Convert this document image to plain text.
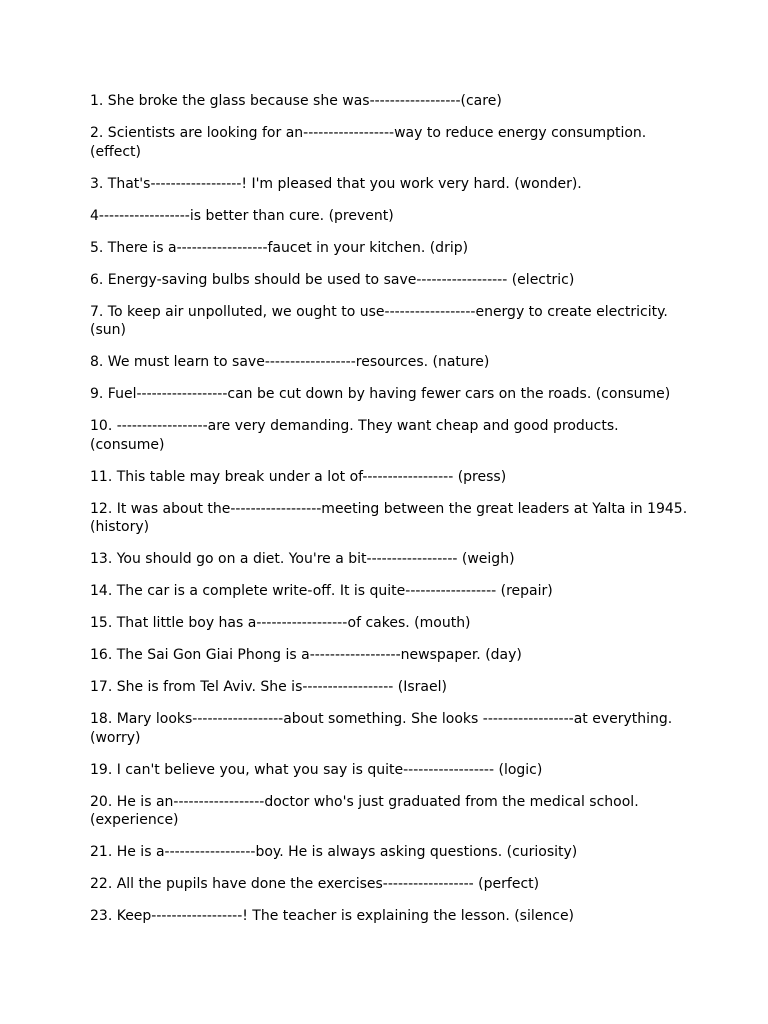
1. She broke the glass because she was------------------(care)

2. Scientists are looking for an------------------way to reduce energy consumption. (effect)

3. That's------------------! I'm pleased that you work very hard. (wonder).

4------------------is better than cure. (prevent)

5. There is a------------------faucet in your kitchen. (drip)

6. Energy-saving bulbs should be used to save------------------ (electric)

7. To keep air unpolluted, we ought to use------------------energy to create electricity. (sun)

8. We must learn to save------------------resources. (nature)

9. Fuel------------------can be cut down by having fewer cars on the roads. (consume)

10. ------------------are very demanding. They want cheap and good products. (consume)

11. This table may break under a lot of------------------ (press)

12. It was about the------------------meeting between the great leaders at Yalta in 1945. (history)

13. You should go on a diet. You're a bit------------------ (weigh)

14. The car is a complete write-off. It is quite------------------ (repair)

15. That little boy has a------------------of cakes. (mouth)

16. The Sai Gon Giai Phong is a------------------newspaper. (day)

17. She is from Tel Aviv. She is------------------ (Israel)

18. Mary looks------------------about something. She looks ------------------at everything. (worry)

19. I can't believe you, what you say is quite------------------ (logic)

20. He is an------------------doctor who's just graduated from the medical school. (experience)

21. He is a------------------boy. He is always asking questions. (curiosity)

22. All the pupils have done the exercises------------------ (perfect)

23. Keep------------------! The teacher is explaining the lesson. (silence)
